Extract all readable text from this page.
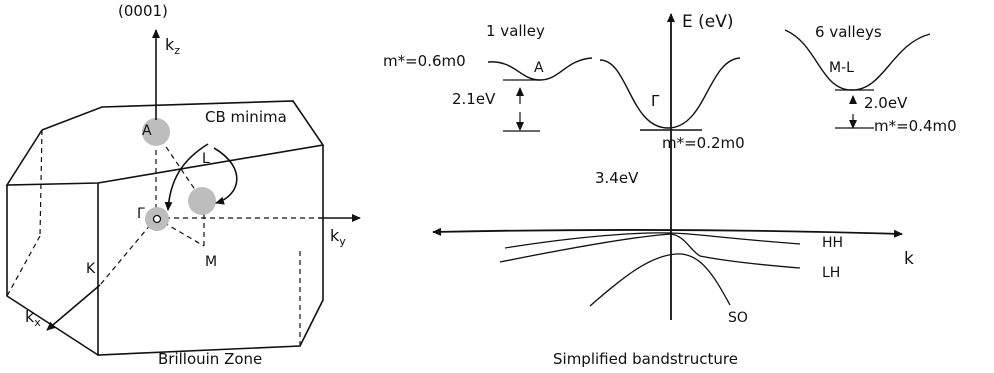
(0001)
$k_z$
$k_y$
$k_x$
CB minima
A
L
Γ
M
K
Brillouin Zone
E (eV)
k
1 valley
m*=0.6m0	A
2.1eV	Γ
m*=0.2m0
3.4eV
6 valleys
M-L
2.0eV
m*=0.4m0
HH
LH
SO
Simplified bandstructure
